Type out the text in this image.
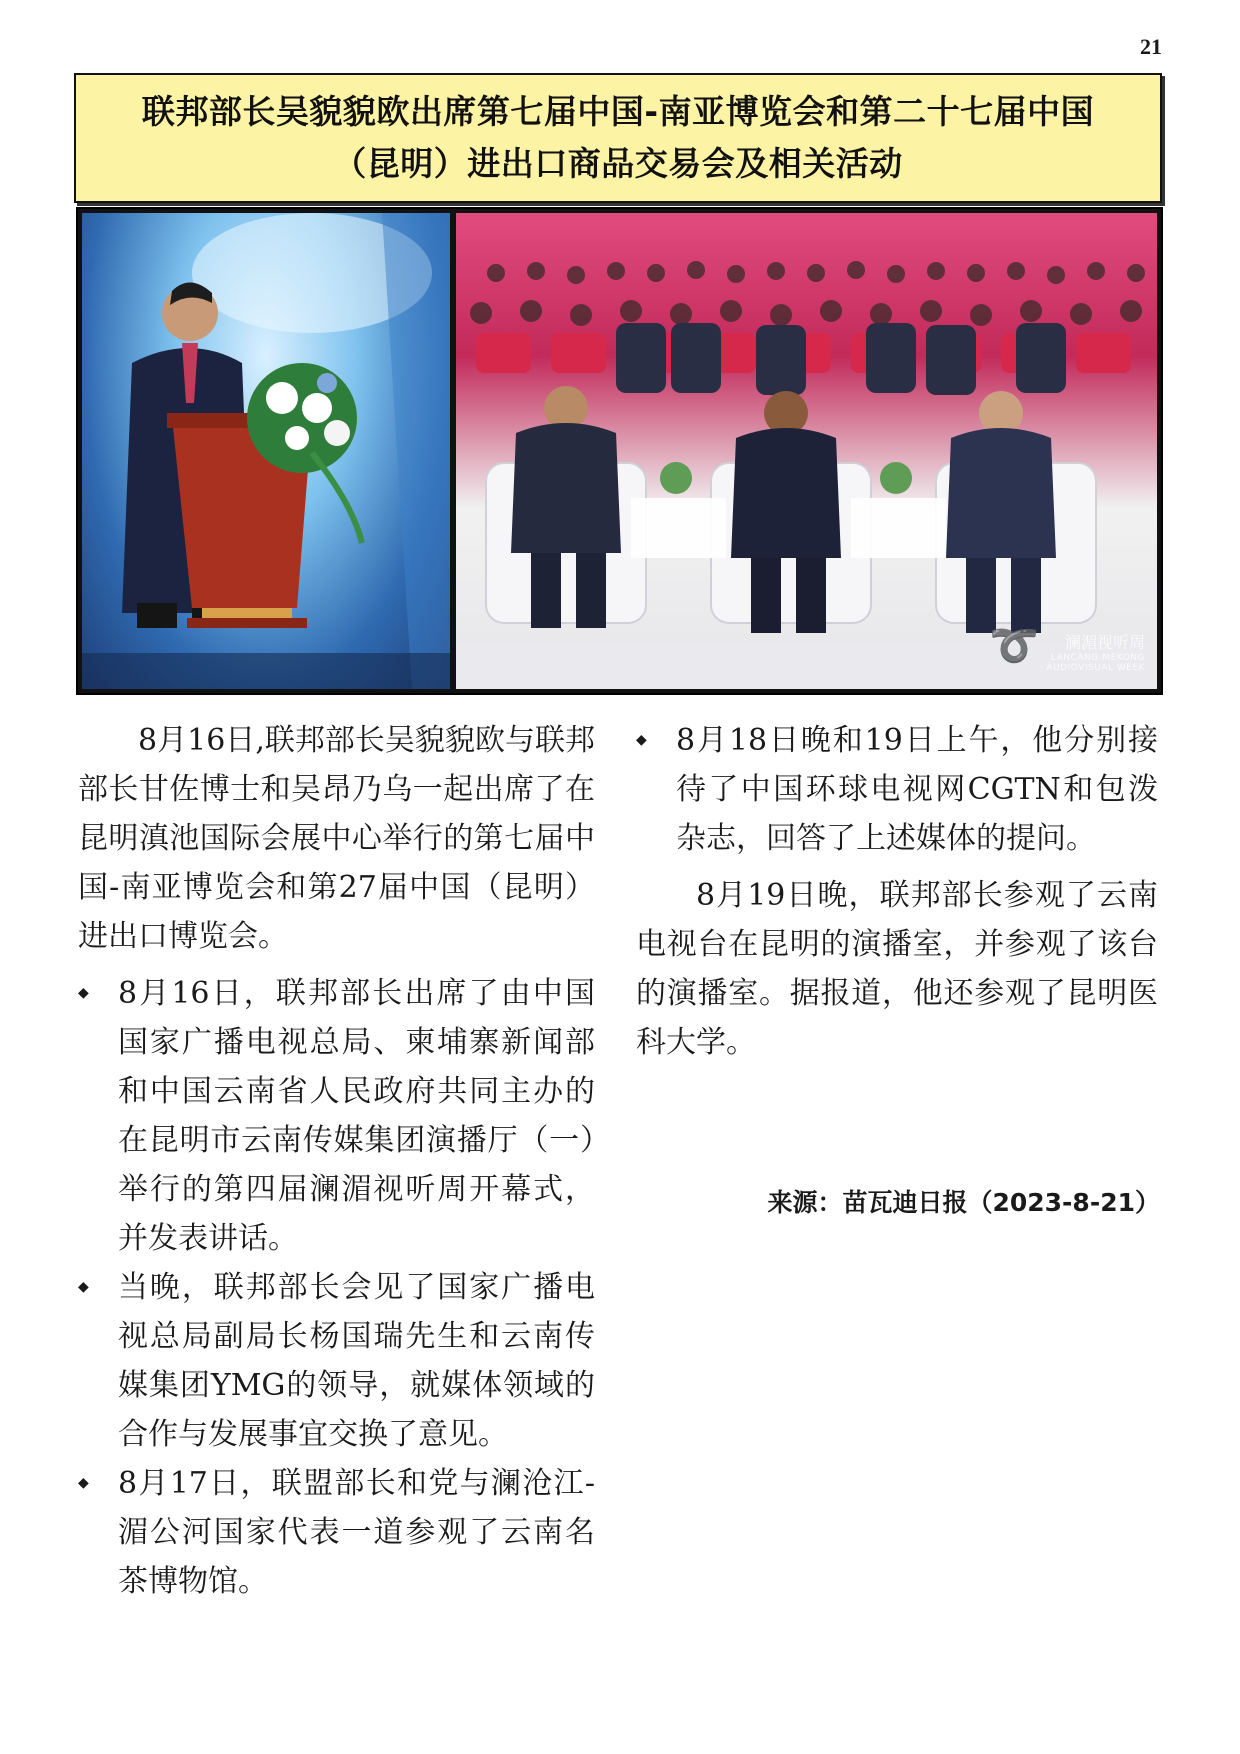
21
联邦部长吴貌貌欧出席第七届中国-南亚博览会和第二十七届中国
（昆明）进出口商品交易会及相关活动
➰	澜湄视听周
LANCANG-MEKONG AUDIOVISUAL WEEK

8月16日,联邦部长吴貌貌欧与联邦部长甘佐博士和吴昂乃乌一起出席了在昆明滇池国际会展中心举行的第七届中国-南亚博览会和第27届中国（昆明）进出口博览会。

◆ 8月16日，联邦部长出席了由中国国家广播电视总局、柬埔寨新闻部和中国云南省人民政府共同主办的在昆明市云南传媒集团演播厅（一）举行的第四届澜湄视听周开幕式，并发表讲话。

◆ 当晚，联邦部长会见了国家广播电视总局副局长杨国瑞先生和云南传媒集团YMG的领导，就媒体领域的合作与发展事宜交换了意见。

◆ 8月17日，联盟部长和党与澜沧江-湄公河国家代表一道参观了云南名茶博物馆。

◆ 8月18日晚和19日上午，他分别接待了中国环球电视网CGTN和包泼杂志，回答了上述媒体的提问。

8月19日晚，联邦部长参观了云南电视台在昆明的演播室，并参观了该台的演播室。据报道，他还参观了昆明医科大学。

来源：苗瓦迪日报（2023-8-21）
